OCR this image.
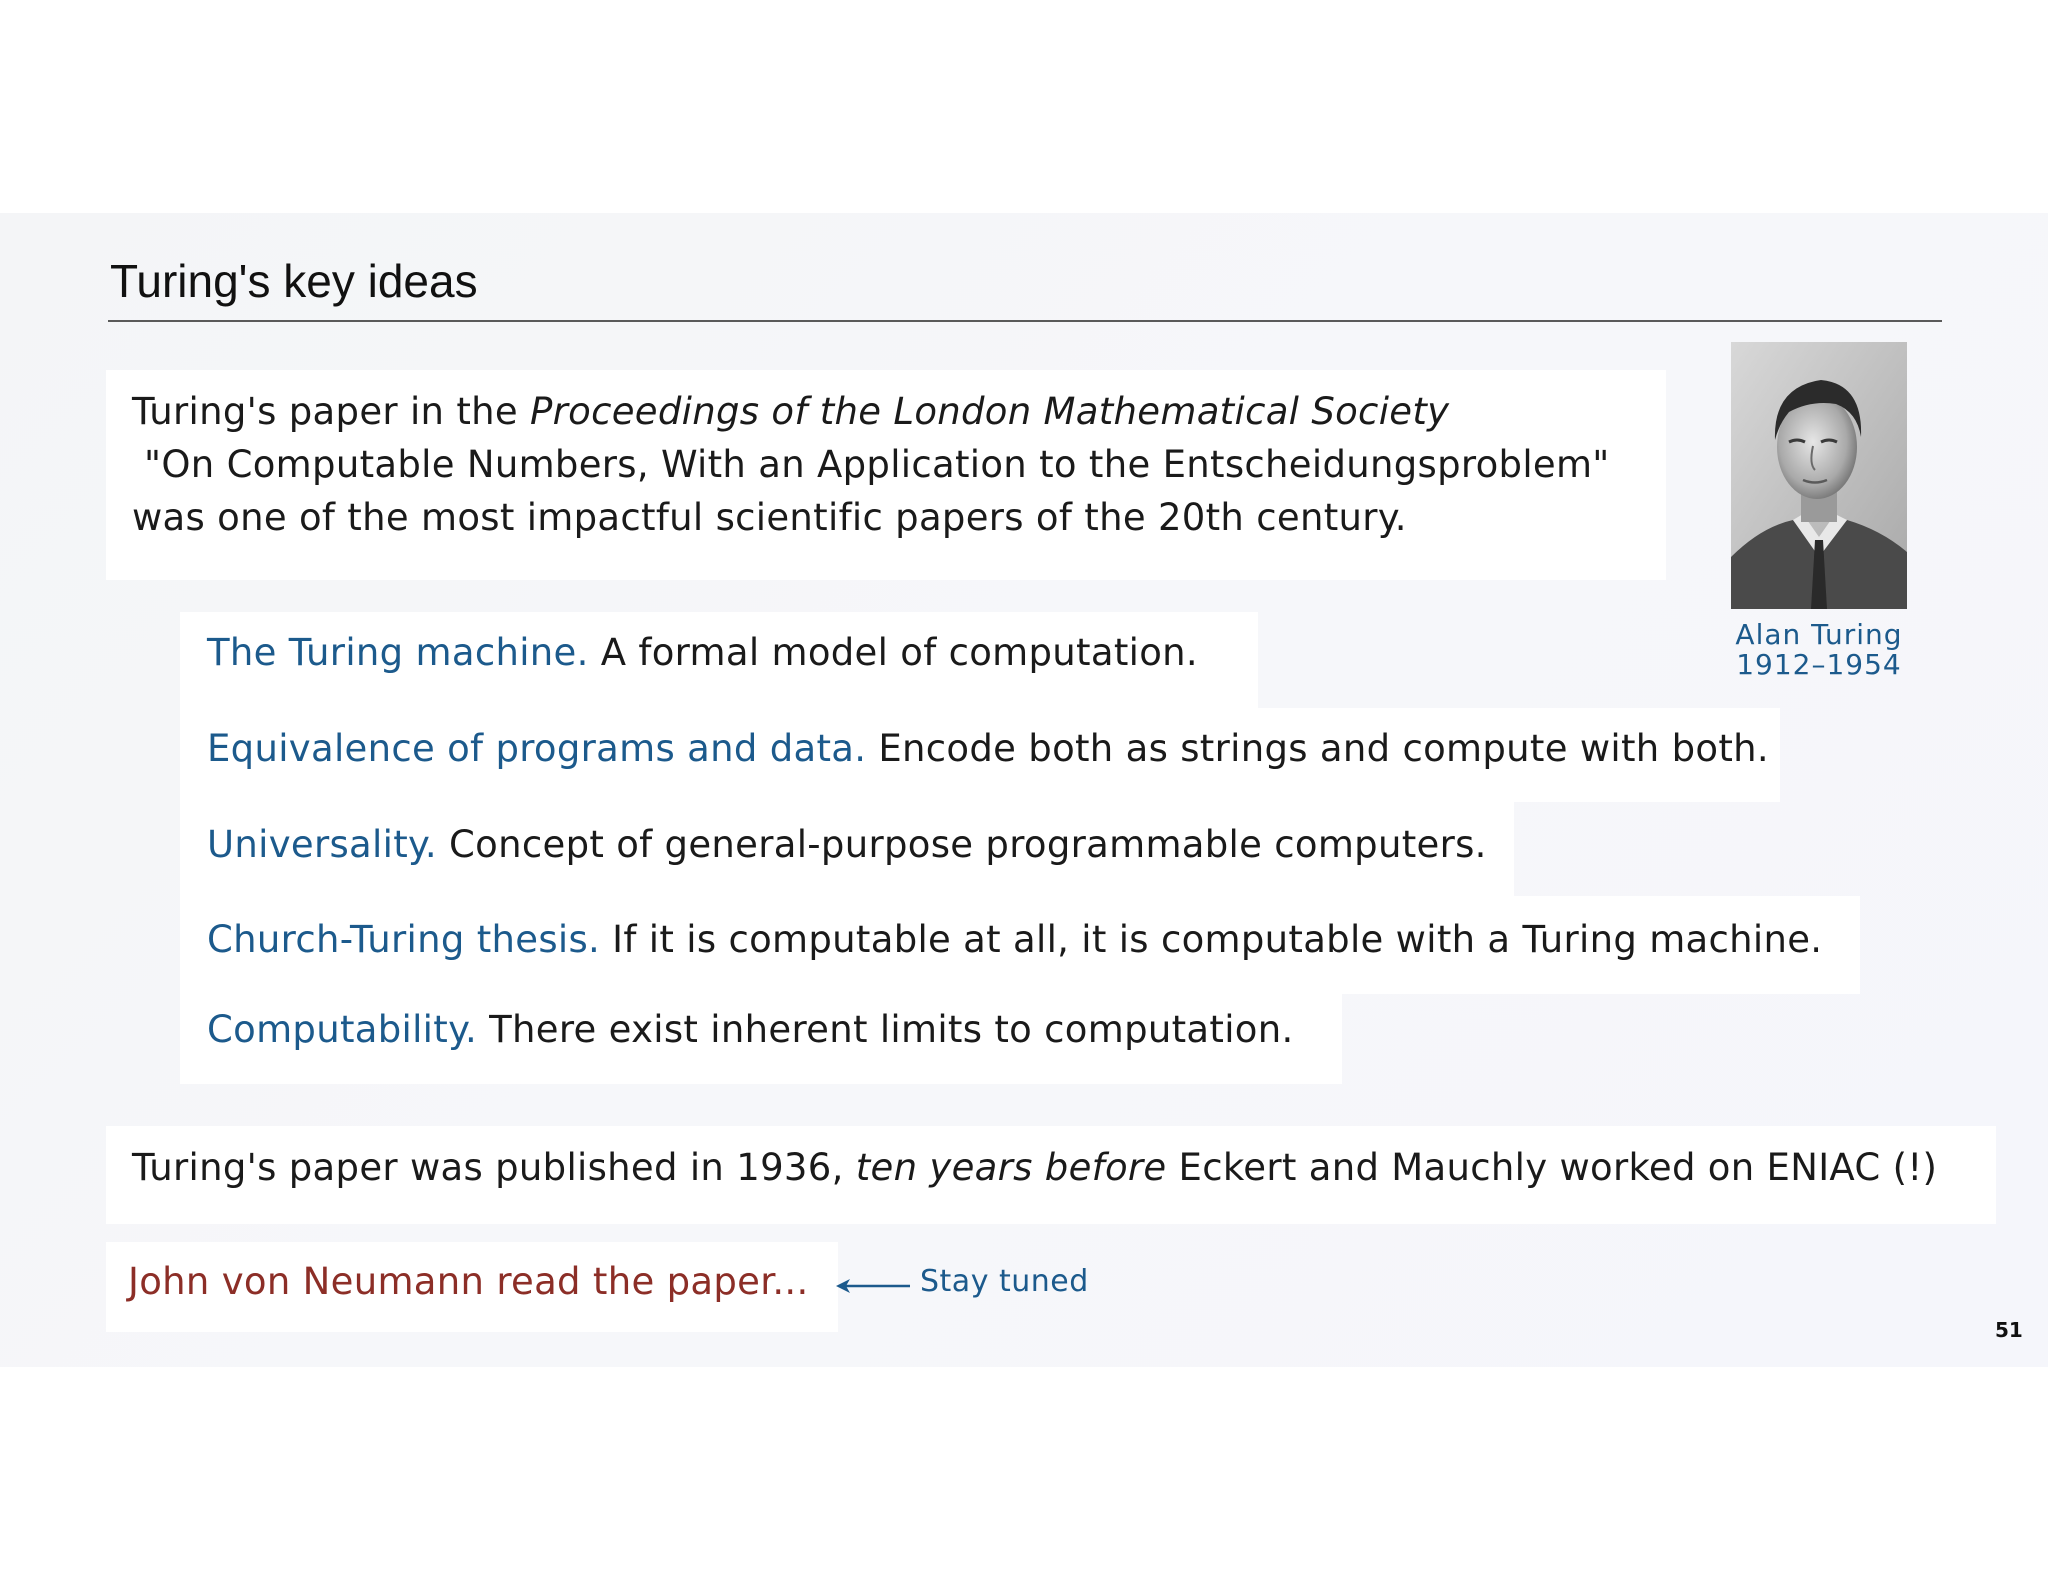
Turing's key ideas
Turing's paper in the Proceedings of the London Mathematical Society
"On Computable Numbers, With an Application to the Entscheidungsproblem"
was one of the most impactful scientific papers of the 20th century.
Alan Turing
1912–1954
The Turing machine. A formal model of computation.
Equivalence of programs and data. Encode both as strings and compute with both.
Universality. Concept of general-purpose programmable computers.
Church-Turing thesis. If it is computable at all, it is computable with a Turing machine.
Computability. There exist inherent limits to computation.
Turing's paper was published in 1936, ten years before Eckert and Mauchly worked on ENIAC (!)
John von Neumann read the paper...	Stay tuned
51
